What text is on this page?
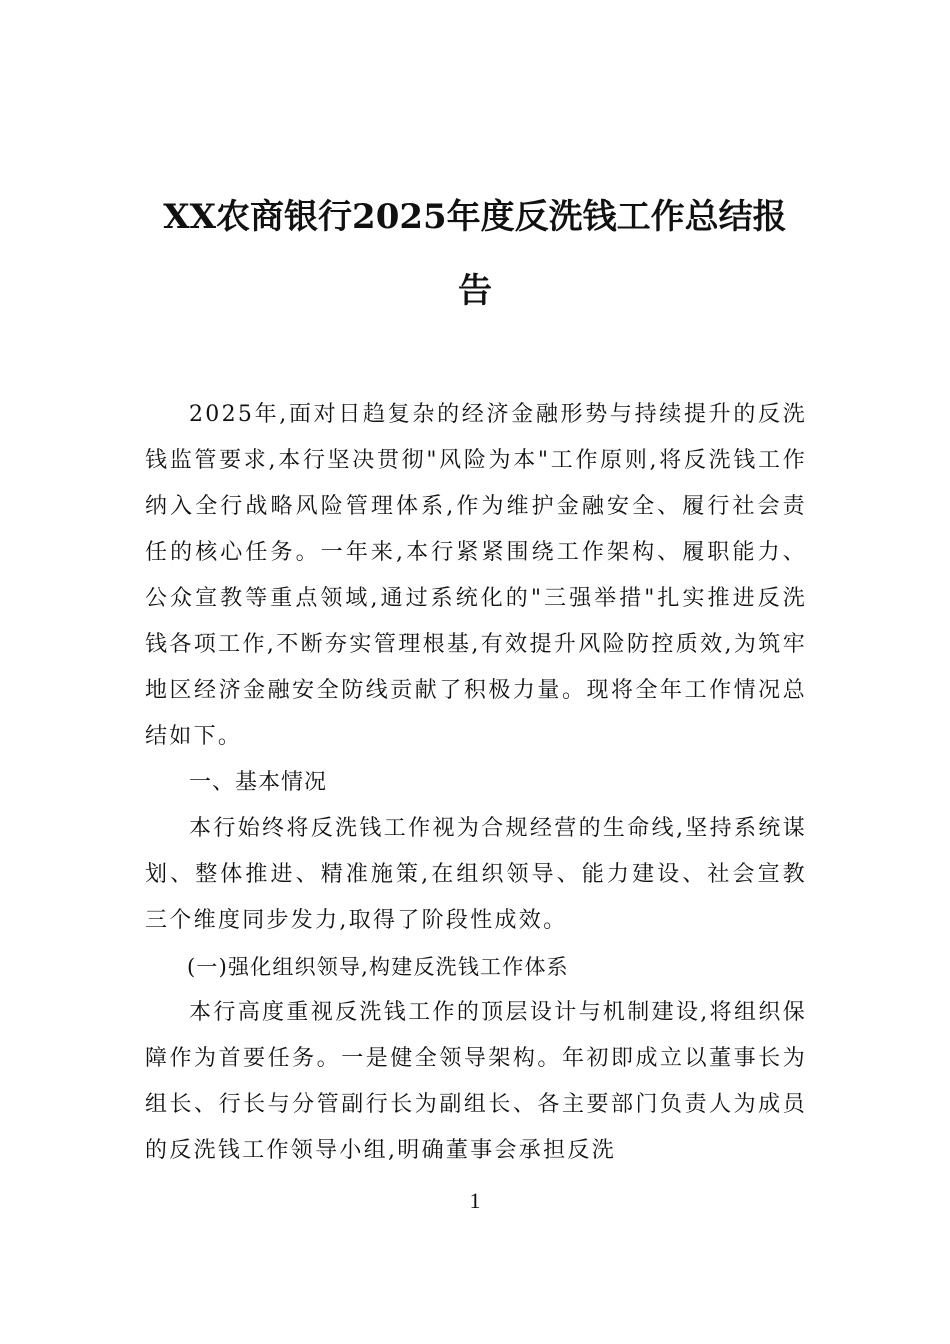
XX农商银行2025年度反洗钱工作总结报
告

2025年,面对日趋复杂的经济金融形势与持续提升的反洗钱监管要求,本行坚决贯彻"风险为本"工作原则,将反洗钱工作纳入全行战略风险管理体系,作为维护金融安全、履行社会责任的核心任务。一年来,本行紧紧围绕工作架构、履职能力、公众宣教等重点领域,通过系统化的"三强举措"扎实推进反洗钱各项工作,不断夯实管理根基,有效提升风险防控质效,为筑牢地区经济金融安全防线贡献了积极力量。现将全年工作情况总结如下。

一、基本情况

本行始终将反洗钱工作视为合规经营的生命线,坚持系统谋划、整体推进、精准施策,在组织领导、能力建设、社会宣教三个维度同步发力,取得了阶段性成效。

(一)强化组织领导,构建反洗钱工作体系

本行高度重视反洗钱工作的顶层设计与机制建设,将组织保障作为首要任务。一是健全领导架构。年初即成立以董事长为组长、行长与分管副行长为副组长、各主要部门负责人为成员的反洗钱工作领导小组,明确董事会承担反洗

1
